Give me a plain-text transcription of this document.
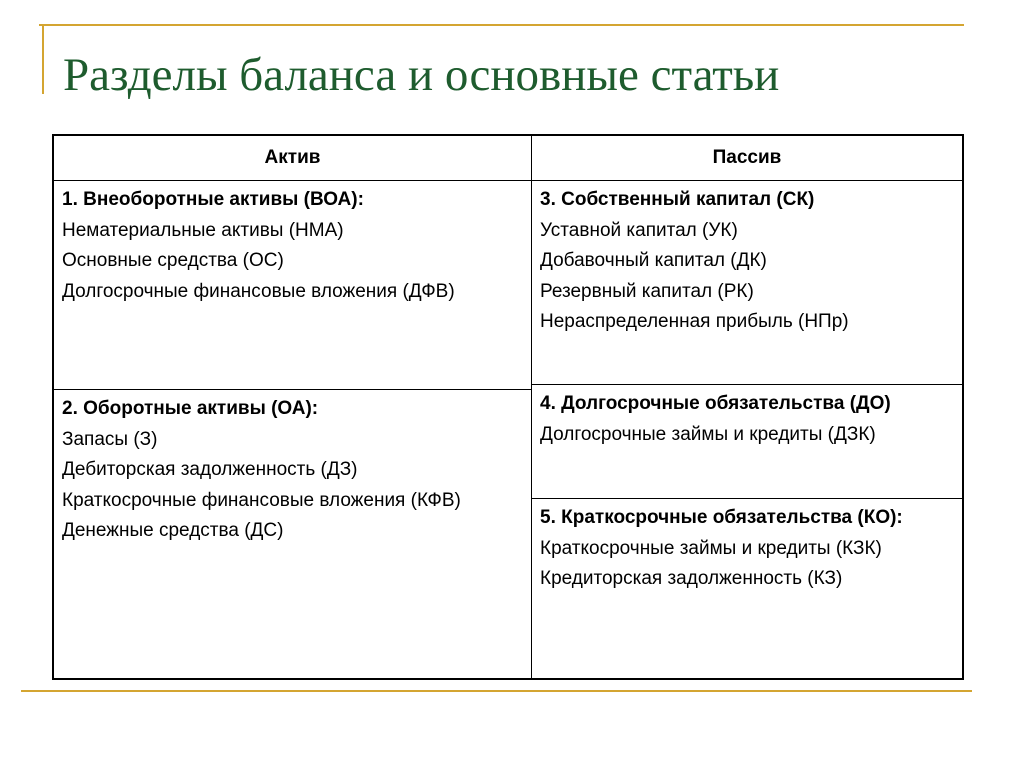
Разделы баланса и основные статьи
Актив
1. Внеоборотные активы (ВОА):
Нематериальные активы (НМА)
Основные средства (ОС)
Долгосрочные финансовые вложения (ДФВ)
2. Оборотные активы (ОА):
Запасы (З)
Дебиторская задолженность (ДЗ)
Краткосрочные финансовые вложения (КФВ)
Денежные средства (ДС)
Пассив
3. Собственный капитал (СК)
Уставной капитал (УК)
Добавочный капитал (ДК)
Резервный капитал (РК)
Нераспределенная прибыль (НПр)
4. Долгосрочные обязательства (ДО)
Долгосрочные займы и кредиты (ДЗК)
5. Краткосрочные обязательства (КО):
Краткосрочные займы и кредиты (КЗК)
Кредиторская задолженность (КЗ)
